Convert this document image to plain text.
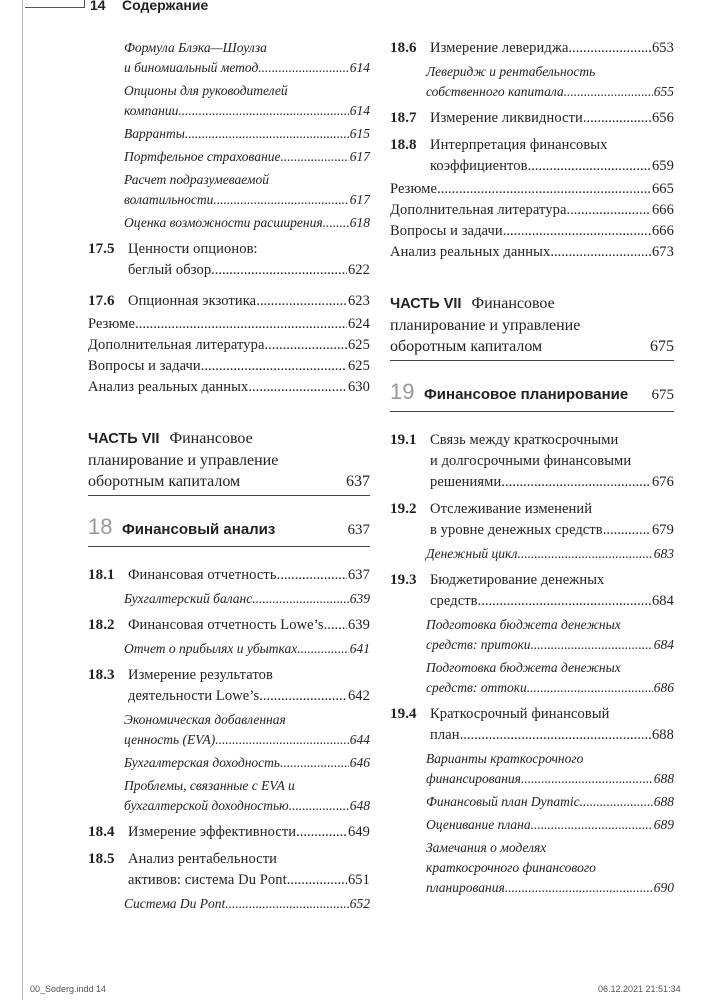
14 Содержание
Формула Блэка—Шоулза
и биномиальный метод .....	614
Опционы для руководителей
компании .....	614
Варранты .....	615
Портфельное страхование .....	617
Расчет подразумеваемой
волатильности .....	617
Оценка возможности расширения ..... 618
17.5 Ценности опционов:
беглый обзор .....	622
17.6 Опционная экзотика .....	623
Резюме .....	624
Дополнительная литература .....	625
Вопросы и задачи .....	625
Анализ реальных данных .....	630
ЧАСТЬ VII Финансовое
планирование и управление
оборотным капиталом	637
18 Финансовый анализ	637
18.1 Финансовая отчетность .....	637
Бухгалтерский баланс .....	639
18.2 Финансовая отчетность Lowe’s ..... 639
Отчет о прибылях и убытках .....	641
18.3 Измерение результатов
деятельности Lowe’s .....	642
Экономическая добавленная
ценность (EVA) .....	644
Бухгалтерская доходность .....	646
Проблемы, связанные с EVA и
бухгалтерской доходностью .....	648
18.4 Измерение эффективности .....	649
18.5 Анализ рентабельности
активов: система Du Pont .....	651
Система Du Pont .....	652
18.6 Измерение левериджа .....	653
Леверидж и рентабельность
собственного капитала .....	655
18.7 Измерение ликвидности .....	656
18.8 Интерпретация финансовых
коэффициентов .....	659
Резюме .....	665
Дополнительная литература .....	666
Вопросы и задачи .....	666
Анализ реальных данных .....	673
ЧАСТЬ VII Финансовое
планирование и управление
оборотным капиталом	675
19 Финансовое планирование	675
19.1 Связь между краткосрочными
и долгосрочными финансовыми
решениями .....	676
19.2 Отслеживание изменений
в уровне денежных средств .....	679
Денежный цикл .....	683
19.3 Бюджетирование денежных
средств .....	684
Подготовка бюджета денежных
средств: притоки .....	684
Подготовка бюджета денежных
средств: оттоки .....	686
19.4 Краткосрочный финансовый
план .....	688
Варианты краткосрочного
финансирования .....	688
Финансовый план Dynamic .....	688
Оценивание плана .....	689
Замечания о моделях
краткосрочного финансового
планирования .....	690
00_Soderg.indd 14	06.12.2021 21:51:34
